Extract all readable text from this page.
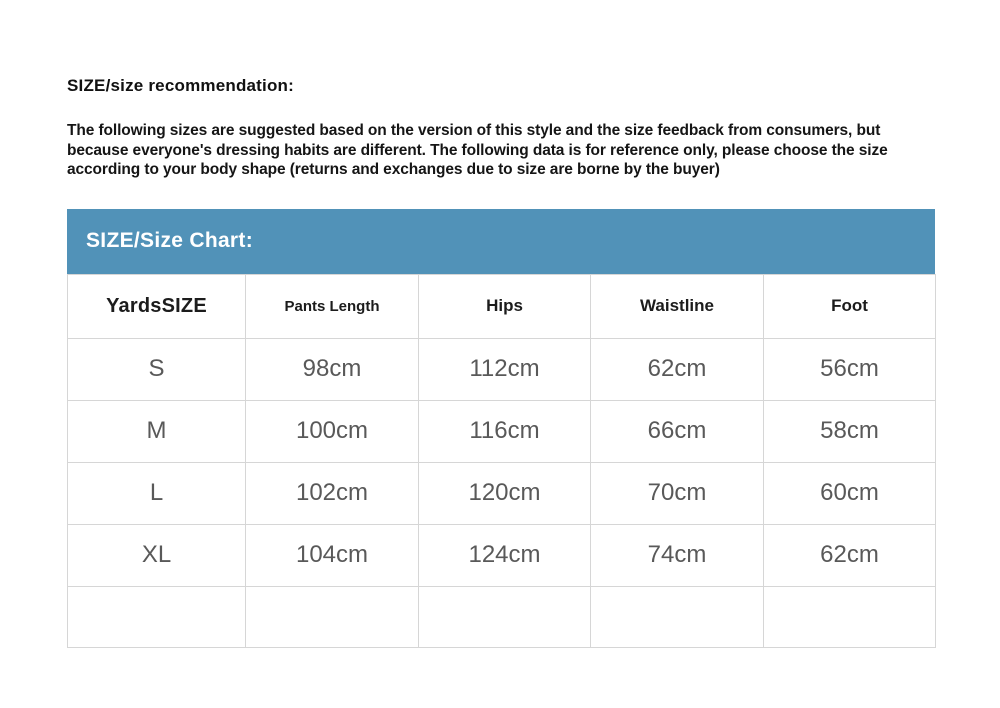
SIZE/size recommendation:
The following sizes are suggested based on the version of this style and the size feedback from consumers, but because everyone's dressing habits are different. The following data is for reference only, please choose the size according to your body shape (returns and exchanges due to size are borne by the buyer)
SIZE/Size Chart:
YardsSIZE	Pants Length	Hips	Waistline	Foot
S	98cm	112cm	62cm	56cm
M	100cm	116cm	66cm	58cm
L	102cm	120cm	70cm	60cm
XL	104cm	124cm	74cm	62cm
